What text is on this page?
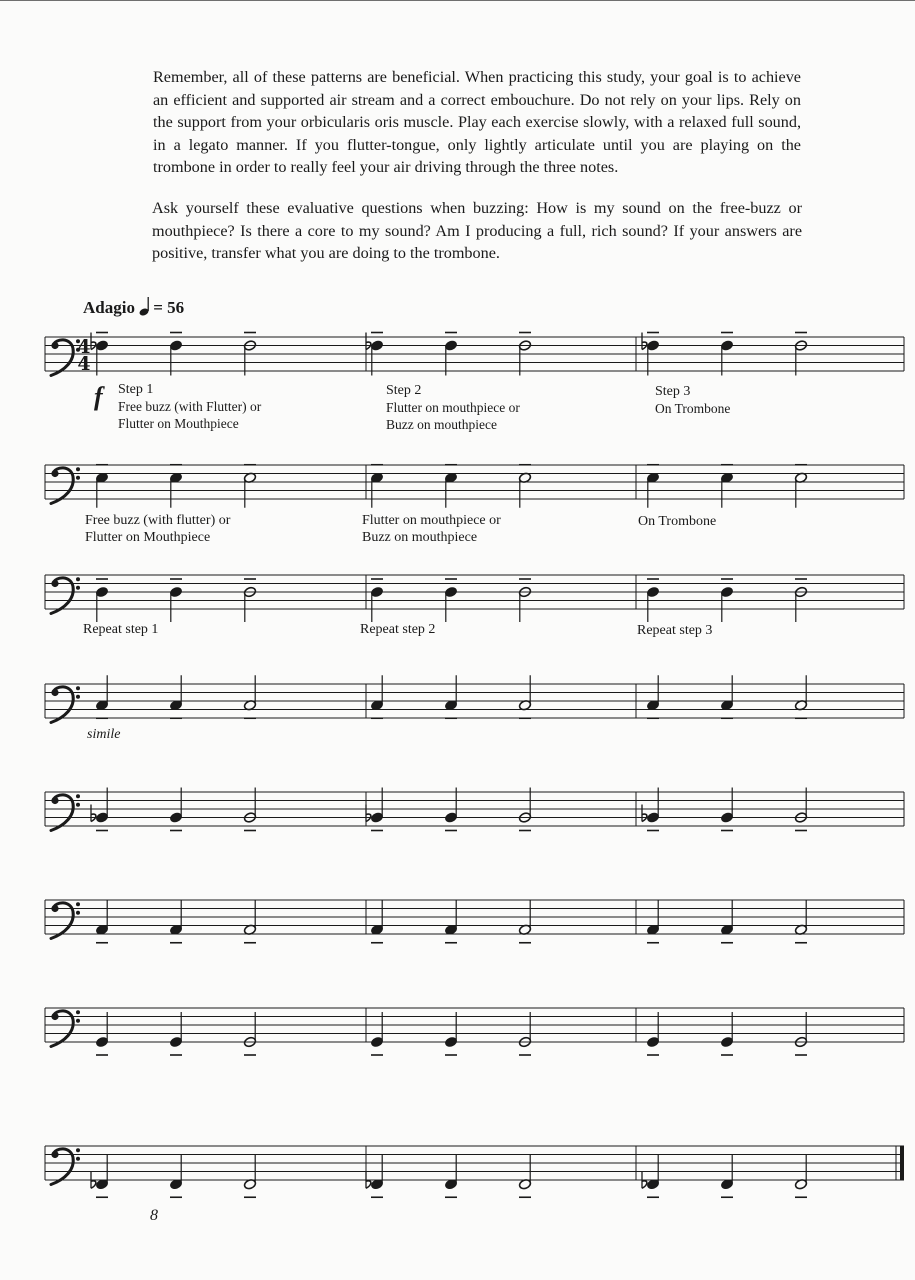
Remember, all of these patterns are beneficial. When practicing this study, your goal is to achieve an efficient and supported air stream and a correct embouchure. Do not rely on your lips. Rely on the support from your orbicularis oris muscle. Play each exercise slowly, with a relaxed full sound, in a legato manner. If you flutter-tongue, only lightly articulate until you are playing on the trombone in order to really feel your air driving through the three notes.

Ask yourself these evaluative questions when buzzing: How is my sound on the free-buzz or mouthpiece? Is there a core to my sound? Am I producing a full, rich sound? If your answers are positive, transfer what you are doing to the trombone.

Adagio = 56
4
4
f Step 1
Free buzz (with Flutter) or
Flutter on Mouthpiece
Step 2
Flutter on mouthpiece or
Buzz on mouthpiece
Step 3
On Trombone
Free buzz (with flutter) or
Flutter on Mouthpiece
Flutter on mouthpiece or
Buzz on mouthpiece
On Trombone
Repeat step 1	Repeat step 2	Repeat step 3
simile
8
